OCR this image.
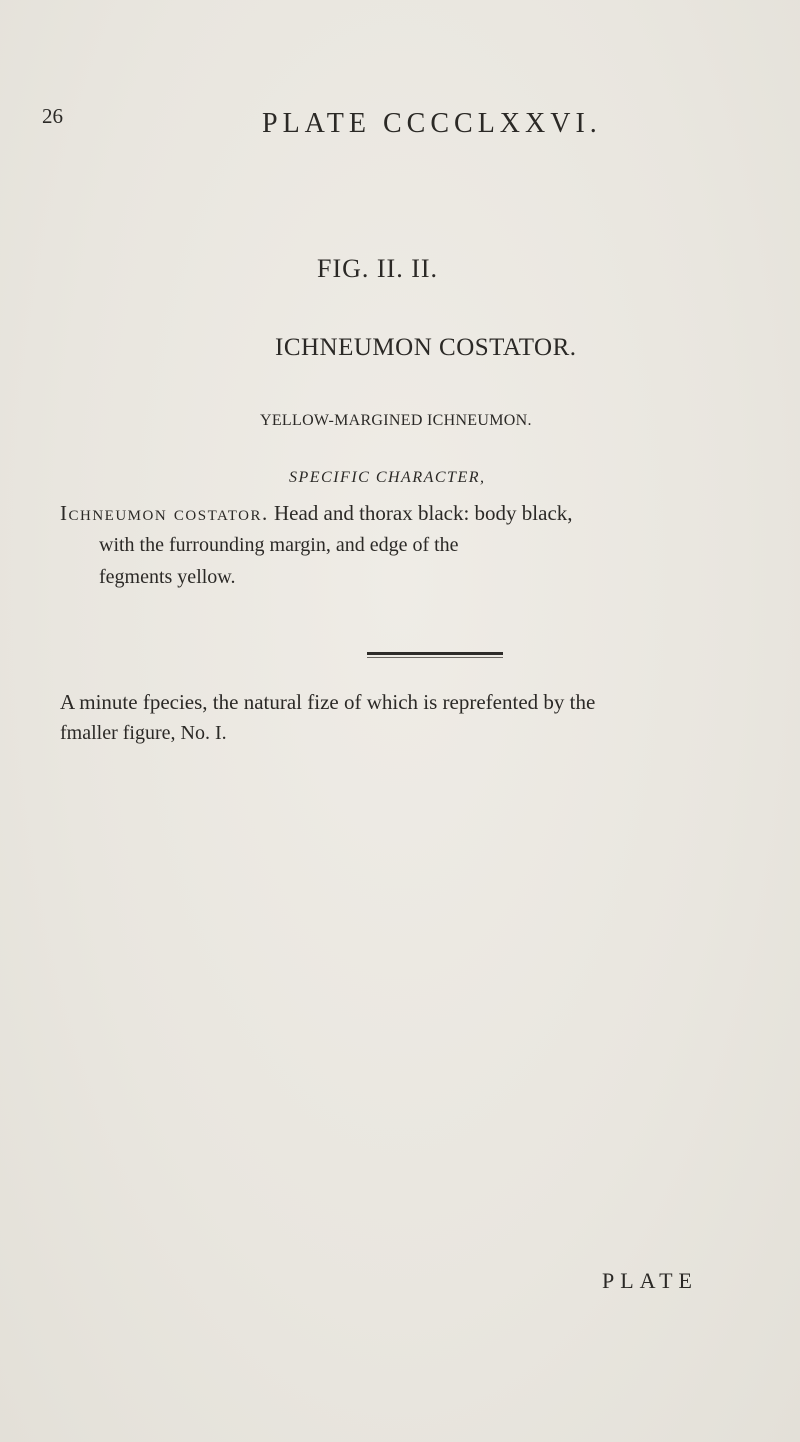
26	PLATE CCCCLXXVI.
FIG. II. II.
ICHNEUMON COSTATOR.
YELLOW-MARGINED ICHNEUMON.
SPECIFIC CHARACTER,
Ichneumon costator. Head and thorax black: body black,
with the furrounding margin, and edge of the
fegments yellow.
A minute fpecies, the natural fize of which is reprefented by the
fmaller figure, No. I.
PLATE
